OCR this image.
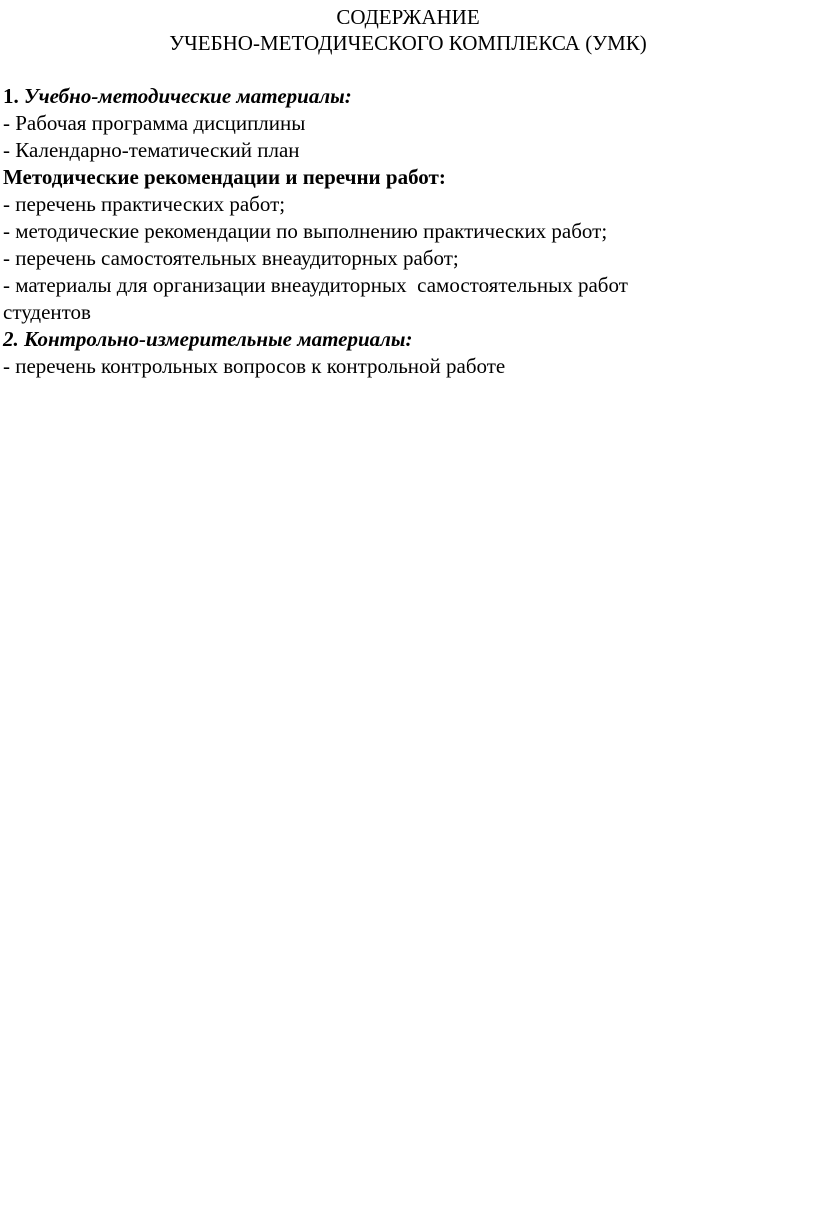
СОДЕРЖАНИЕ
УЧЕБНО-МЕТОДИЧЕСКОГО КОМПЛЕКСА (УМК)
1. Учебно-методические материалы:
- Рабочая программа дисциплины
- Календарно-тематический план
Методические рекомендации и перечни работ:
- перечень практических работ;
- методические рекомендации по выполнению практических работ;
- перечень самостоятельных внеаудиторных работ;
- материалы для организации внеаудиторных  самостоятельных работ
студентов
2. Контрольно-измерительные материалы:
- перечень контрольных вопросов к контрольной работе
